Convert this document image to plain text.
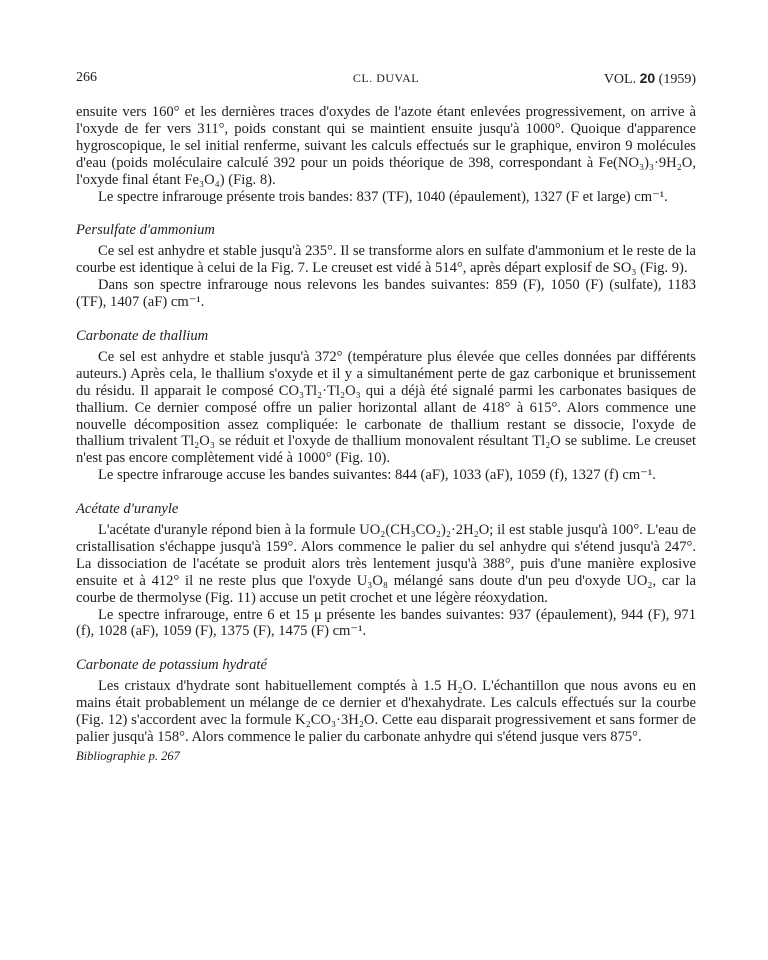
266	CL. DUVAL	VOL. 20 (1959)

ensuite vers 160° et les dernières traces d'oxydes de l'azote étant enlevées progressivement, on arrive à l'oxyde de fer vers 311°, poids constant qui se maintient ensuite jusqu'à 1000°. Quoique d'apparence hygroscopique, le sel initial renferme, suivant les calculs effectués sur le graphique, environ 9 molécules d'eau (poids moléculaire calculé 392 pour un poids théorique de 398, correspondant à Fe(NO₃)₃·9H₂O, l'oxyde final étant Fe₃O₄) (Fig. 8).

Le spectre infrarouge présente trois bandes: 837 (TF), 1040 (épaulement), 1327 (F et large) cm⁻¹.

Persulfate d'ammonium

Ce sel est anhydre et stable jusqu'à 235°. Il se transforme alors en sulfate d'ammonium et le reste de la courbe est identique à celui de la Fig. 7. Le creuset est vidé à 514°, après départ explosif de SO₃ (Fig. 9).

Dans son spectre infrarouge nous relevons les bandes suivantes: 859 (F), 1050 (F) (sulfate), 1183 (TF), 1407 (aF) cm⁻¹.

Carbonate de thallium

Ce sel est anhydre et stable jusqu'à 372° (température plus élevée que celles données par différents auteurs.) Après cela, le thallium s'oxyde et il y a simultanément perte de gaz carbonique et brunissement du résidu. Il apparait le composé CO₃Tl₂·Tl₂O₃ qui a déjà été signalé parmi les carbonates basiques de thallium. Ce dernier composé offre un palier horizontal allant de 418° à 615°. Alors commence une nouvelle décomposition assez compliquée: le carbonate de thallium restant se dissocie, l'oxyde de thallium trivalent Tl₂O₃ se réduit et l'oxyde de thallium monovalent résultant Tl₂O se sublime. Le creuset n'est pas encore complètement vidé à 1000° (Fig. 10).

Le spectre infrarouge accuse les bandes suivantes: 844 (aF), 1033 (aF), 1059 (f), 1327 (f) cm⁻¹.

Acétate d'uranyle

L'acétate d'uranyle répond bien à la formule UO₂(CH₃CO₂)₂·2H₂O; il est stable jusqu'à 100°. L'eau de cristallisation s'échappe jusqu'à 159°. Alors commence le palier du sel anhydre qui s'étend jusqu'à 247°. La dissociation de l'acétate se produit alors très lentement jusqu'à 388°, puis d'une manière explosive ensuite et à 412° il ne reste plus que l'oxyde U₃O₈ mélangé sans doute d'un peu d'oxyde UO₂, car la courbe de thermolyse (Fig. 11) accuse un petit crochet et une légère réoxydation.

Le spectre infrarouge, entre 6 et 15 μ présente les bandes suivantes: 937 (épaulement), 944 (F), 971 (f), 1028 (aF), 1059 (F), 1375 (F), 1475 (F) cm⁻¹.

Carbonate de potassium hydraté

Les cristaux d'hydrate sont habituellement comptés à 1.5 H₂O. L'échantillon que nous avons eu en mains était probablement un mélange de ce dernier et d'hexahydrate. Les calculs effectués sur la courbe (Fig. 12) s'accordent avec la formule K₂CO₃·3H₂O. Cette eau disparait progressivement et sans former de palier jusqu'à 158°. Alors commence le palier du carbonate anhydre qui s'étend jusque vers 875°.

Bibliographie p. 267
